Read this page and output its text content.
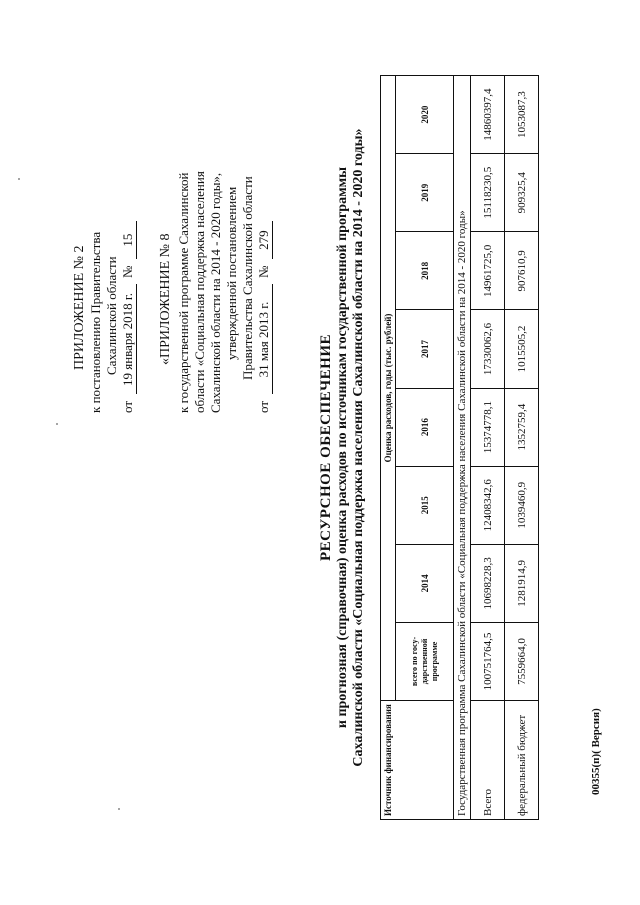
ПРИЛОЖЕНИЕ № 2 к постановлению Правительства Сахалинской области
от  19 января 2018 г.  №  15 «ПРИЛОЖЕНИЕ № 8 к государственной программе Сахалинской области «Социальная поддержка населения Сахалинской области на 2014 - 2020 годы», утвержденной постановлением Правительства Сахалинской области
от  31 мая 2013 г.  №  279
РЕСУРСНОЕ ОБЕСПЕЧЕНИЕ и прогнозная (справочная) оценка расходов по источникам государственной программы Сахалинской области «Социальная поддержка населения Сахалинской области на 2014 - 2020 годы» Источник финансирования	Оценка расходов, годы (тыс. рублей)							
	всего по госу-дарственной программе	2014	2015	2016	2017	2018	2019	2020
Государственная программа Сахалинской области «Социальная поддержка населения Сахалинской области на 2014 - 2020 годы»								
Всего	100751764,5	10698228,3	12408342,6	15374778,1	17330062,6	14961725,0	15118230,5	14860397,4
федеральный бюджет	7559664,0	1281914,9	1039460,9	1352759,4	1015505,2	907610,9	909325,4	1053087,3
00355(п)( Версия)
